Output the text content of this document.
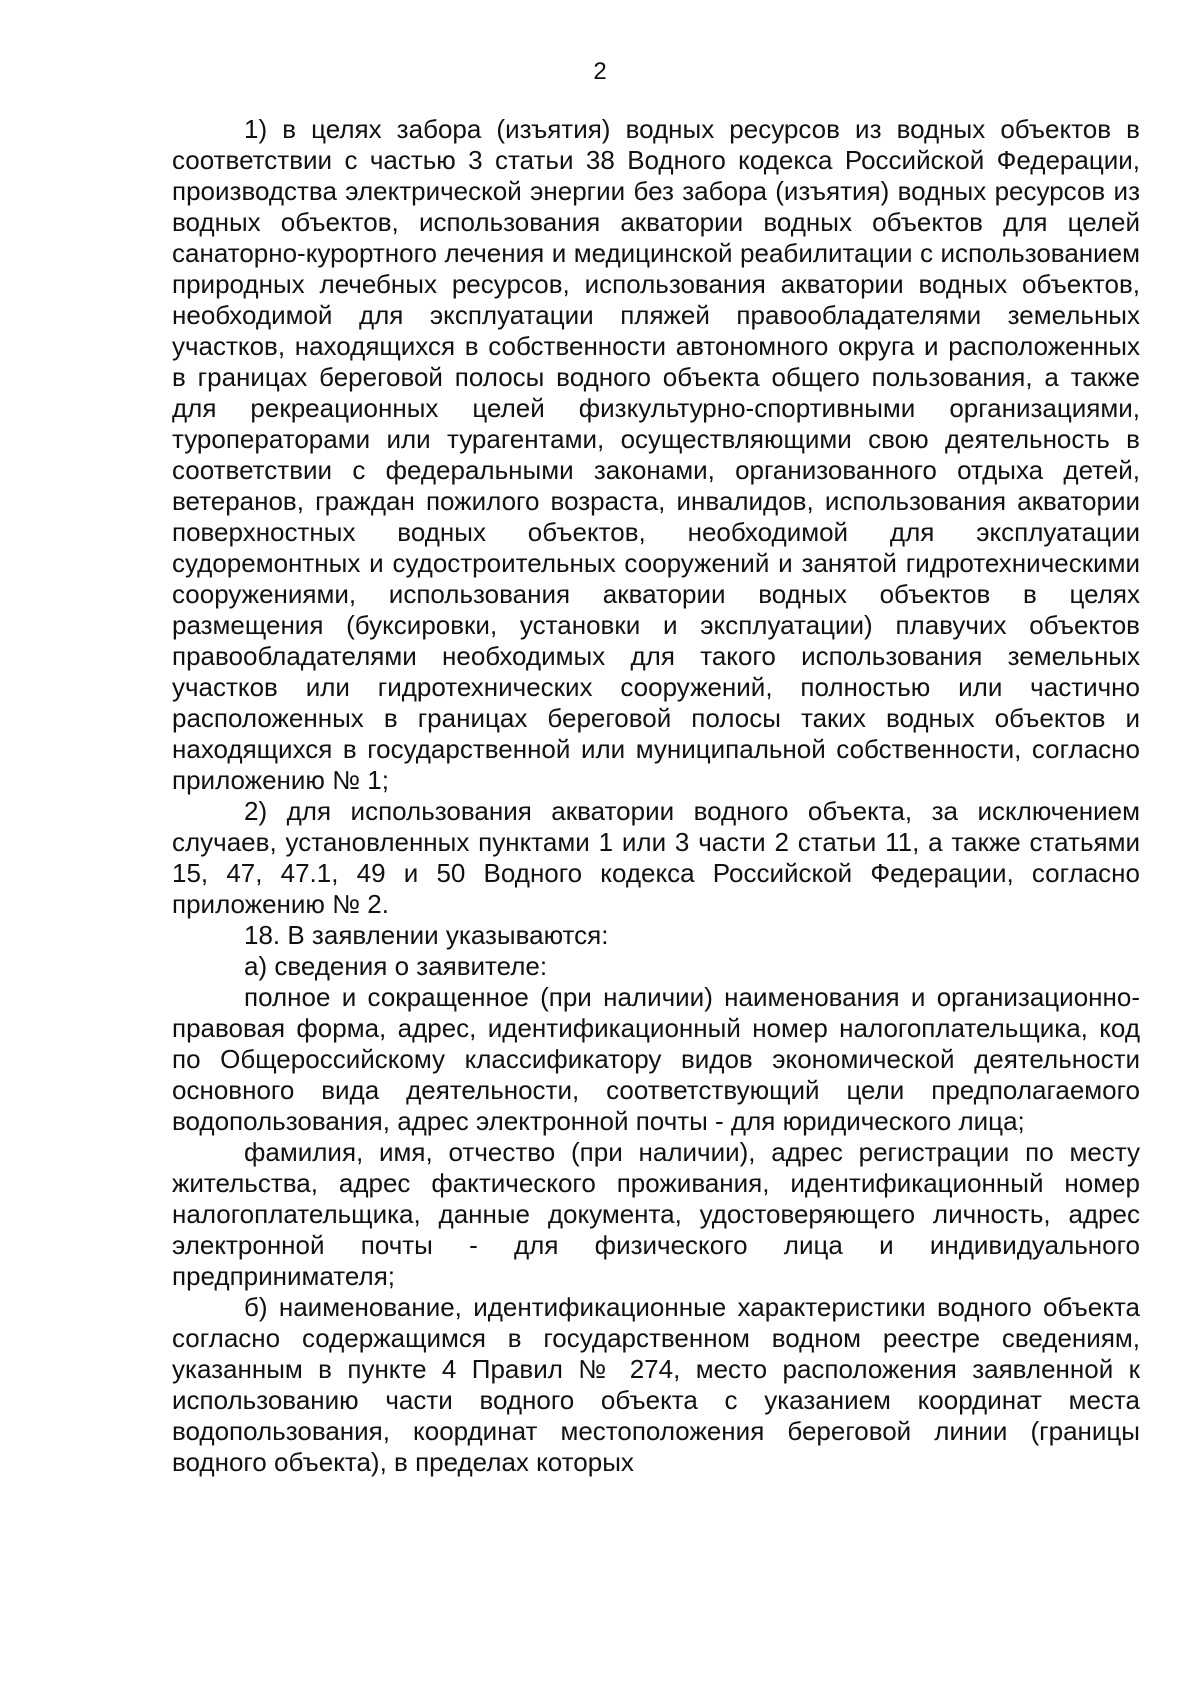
2

1) в целях забора (изъятия) водных ресурсов из водных объектов в соответствии с частью 3 статьи 38 Водного кодекса Российской Федерации, производства электрической энергии без забора (изъятия) водных ресурсов из водных объектов, использования акватории водных объектов для целей санаторно-курортного лечения и медицинской реабилитации с использованием природных лечебных ресурсов, использования акватории водных объектов, необходимой для эксплуатации пляжей правообладателями земельных участков, находящихся в собственности автономного округа и расположенных в границах береговой полосы водного объекта общего пользования, а также для рекреационных целей физкультурно-спортивными организациями, туроператорами или турагентами, осуществляющими свою деятельность в соответствии с федеральными законами, организованного отдыха детей, ветеранов, граждан пожилого возраста, инвалидов, использования акватории поверхностных водных объектов, необходимой для эксплуатации судоремонтных и судостроительных сооружений и занятой гидротехническими сооружениями, использования акватории водных объектов в целях размещения (буксировки, установки и эксплуатации) плавучих объектов правообладателями необходимых для такого использования земельных участков или гидротехнических сооружений, полностью или частично расположенных в границах береговой полосы таких водных объектов и находящихся в государственной или муниципальной собственности, согласно приложению № 1;

2) для использования акватории водного объекта, за исключением случаев, установленных пунктами 1 или 3 части 2 статьи 11, а также статьями 15, 47, 47.1, 49 и 50 Водного кодекса Российской Федерации, согласно приложению № 2.

18. В заявлении указываются:

а) сведения о заявителе:

полное и сокращенное (при наличии) наименования и организационно-правовая форма, адрес, идентификационный номер налогоплательщика, код по Общероссийскому классификатору видов экономической деятельности основного вида деятельности, соответствующий цели предполагаемого водопользования, адрес электронной почты - для юридического лица;

фамилия, имя, отчество (при наличии), адрес регистрации по месту жительства, адрес фактического проживания, идентификационный номер налогоплательщика, данные документа, удостоверяющего личность, адрес электронной почты - для физического лица и индивидуального предпринимателя;

б) наименование, идентификационные характеристики водного объекта согласно содержащимся в государственном водном реестре сведениям, указанным в пункте 4 Правил № 274, место расположения заявленной к использованию части водного объекта с указанием координат места водопользования, координат местоположения береговой линии (границы водного объекта), в пределах которых
